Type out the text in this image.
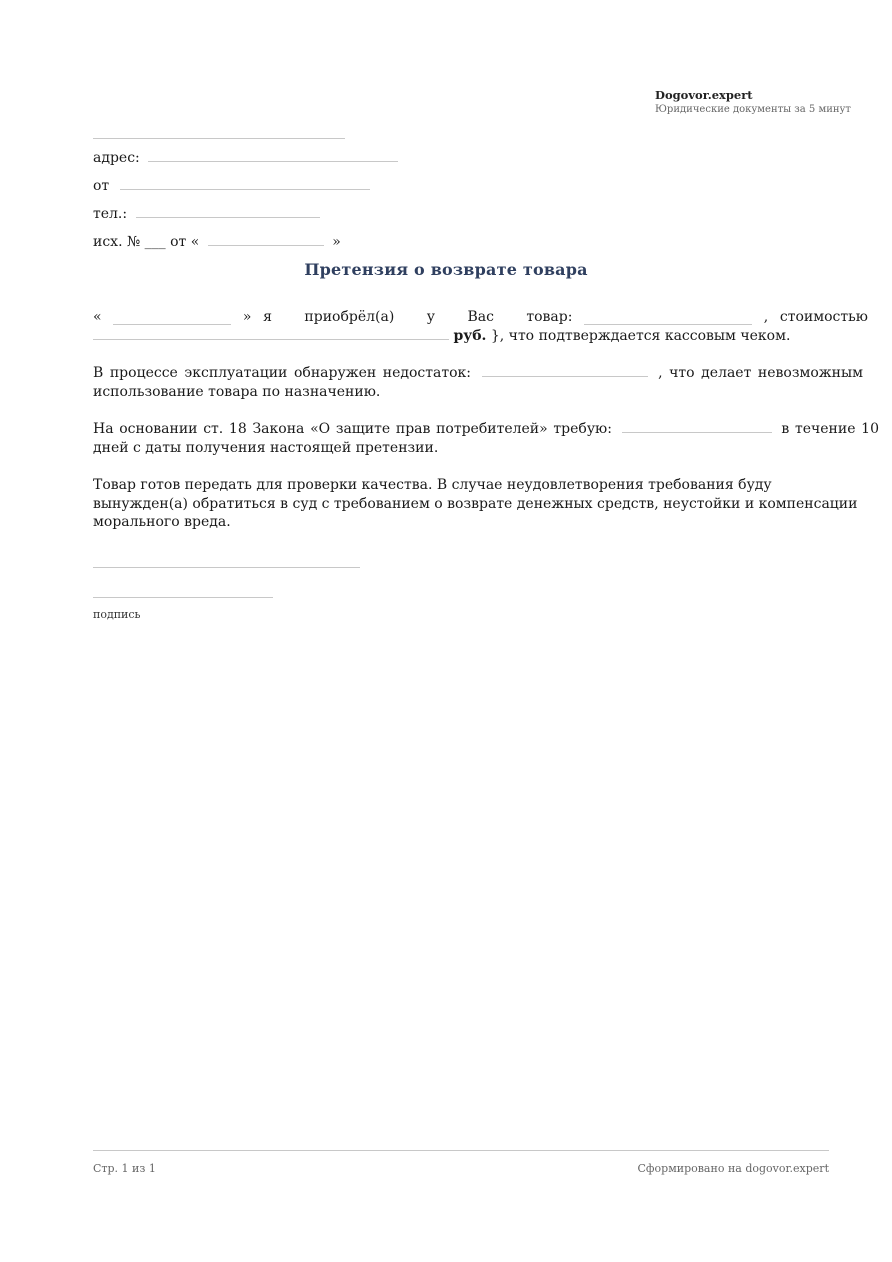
Dogovor.expert
Юридические документы за 5 минут
адрес:
от
тел.:
исх. № ___ от «	»
Претензия о возврате товара
«	» я приобрёл(а) у Вас товар:	, стоимостью
руб. }, что подтверждается кассовым чеком.
В процессе эксплуатации обнаружен недостаток:	, что делает невозможным использование товара по назначению.
На основании ст. 18 Закона «О защите прав потребителей» требую:	в течение 10 дней с даты получения настоящей претензии.
Товар готов передать для проверки качества. В случае неудовлетворения требования буду вынужден(а) обратиться в суд с требованием о возврате денежных средств, неустойки и компенсации морального вреда.
подпись
Стр. 1 из 1	Сформировано на dogovor.expert
